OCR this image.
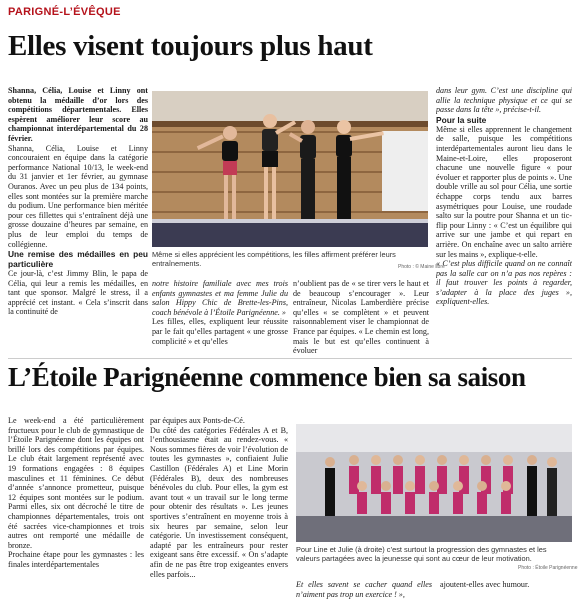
PARIGNÉ-L’ÉVÊQUE
Elles visent toujours plus haut

Shanna, Célia, Louise et Linny ont obtenu la médaille d’or lors des compétitions départementales. Elles espèrent améliorer leur score au championnat interdépartemental du 28 février.

Shanna, Célia, Louise et Linny concouraient en équipe dans la catégorie performance National 10/13, le week-end du 31 janvier et 1er février, au gymnase Ouranos. Avec un peu plus de 134 points, elles sont montées sur la première marche du podium. Une performance bien méritée pour ces fillettes qui s’entraînent déjà une grosse douzaine d’heures par semaine, en plus de leur emploi du temps de collégienne.

Une remise des médailles en peu particulière

Ce jour-là, c’est Jimmy Blin, le papa de Célia, qui leur a remis les médailles, en tant que sponsor. Malgré le stress, il a apprécié cet instant. « Cela s’inscrit dans la continuité de

Même si elles apprécient les compétitions, les filles affirment préférer leurs entraînements.	Photo : © Maine libre

notre histoire familiale avec mes trois enfants gymnastes et ma femme Julie du salon Hippy Chic de Brette-les-Pins, coach bénévole à l’Étoile Parignéenne. »

Les filles, elles, expliquent leur réussite par le fait qu’elles partagent « une grosse complicité » et qu’elles

n’oublient pas de « se tirer vers le haut et de beaucoup s’encourager ». Leur entraîneur, Nicolas Lamberdière précise qu’elles « se complètent » et peuvent raisonnablement viser le championnat de France par équipes. « Le chemin est long, mais le but est qu’elles continuent à évoluer

dans leur gym. C’est une discipline qui allie la technique physique et ce qui se passe dans la tête », précise-t-il.

Pour la suite

Même si elles apprennent le changement de salle, puisque les compétitions interdépartementales auront lieu dans le Maine-et-Loire, elles proposeront chacune une nouvelle figure « pour évoluer et rapporter plus de points ». Une double vrille au sol pour Célia, une sortie échappe corps tendu aux barres asymétriques pour Louise, une roudade salto sur la poutre pour Shanna et un tic-flip pour Linny : « C’est un équilibre qui arrive sur une jambe et qui repart en arrière. On enchaîne avec un salto arrière sur les mains », explique-t-elle.

« C’est plus difficile quand on ne connaît pas la salle car on n’a pas nos repères : il faut trouver les points à regarder, s’adapter à la place des juges », expliquent-elles.

L’Étoile Parignéenne commence bien sa saison

Le week-end a été particulièrement fructueux pour le club de gymnastique de l’Étoile Parignéenne dont les équipes ont brillé lors des compétitions par équipes. Le club était largement représenté avec 19 formations engagées : 8 équipes masculines et 11 féminines. Ce début d’année s’annonce prometteur, puisque 12 équipes sont montées sur le podium. Parmi elles, six ont décroché le titre de championnes départementales, trois ont été sacrées vice-championnes et trois autres ont remporté une médaille de bronze.

Prochaine étape pour les gymnastes : les finales interdépartementales

par équipes aux Ponts-de-Cé.

Du côté des catégories Fédérales A et B, l’enthousiasme était au rendez-vous. « Nous sommes fières de voir l’évolution de toutes les gymnastes », confiaient Julie Castillon (Fédérales A) et Line Morin (Fédérales B), deux des nombreuses bénévoles du club. Pour elles, la gym est avant tout « un travail sur le long terme pour obtenir des résultats ». Les jeunes sportives s’entraînent en moyenne trois à six heures par semaine, selon leur catégorie. Un investissement conséquent, adapté par les entraîneurs pour rester exigeant sans être excessif. « On s’adapte afin de ne pas être trop exigeantes envers elles parfois...

Pour Line et Julie (à droite) c’est surtout la progression des gymnastes et les valeurs partagées avec la jeunesse qui sont au cœur de leur motivation.
Photo : Étoile Parignéenne

Et elles savent se cacher quand elles n’aiment pas trop un exercice ! »,

ajoutent-elles avec humour.
